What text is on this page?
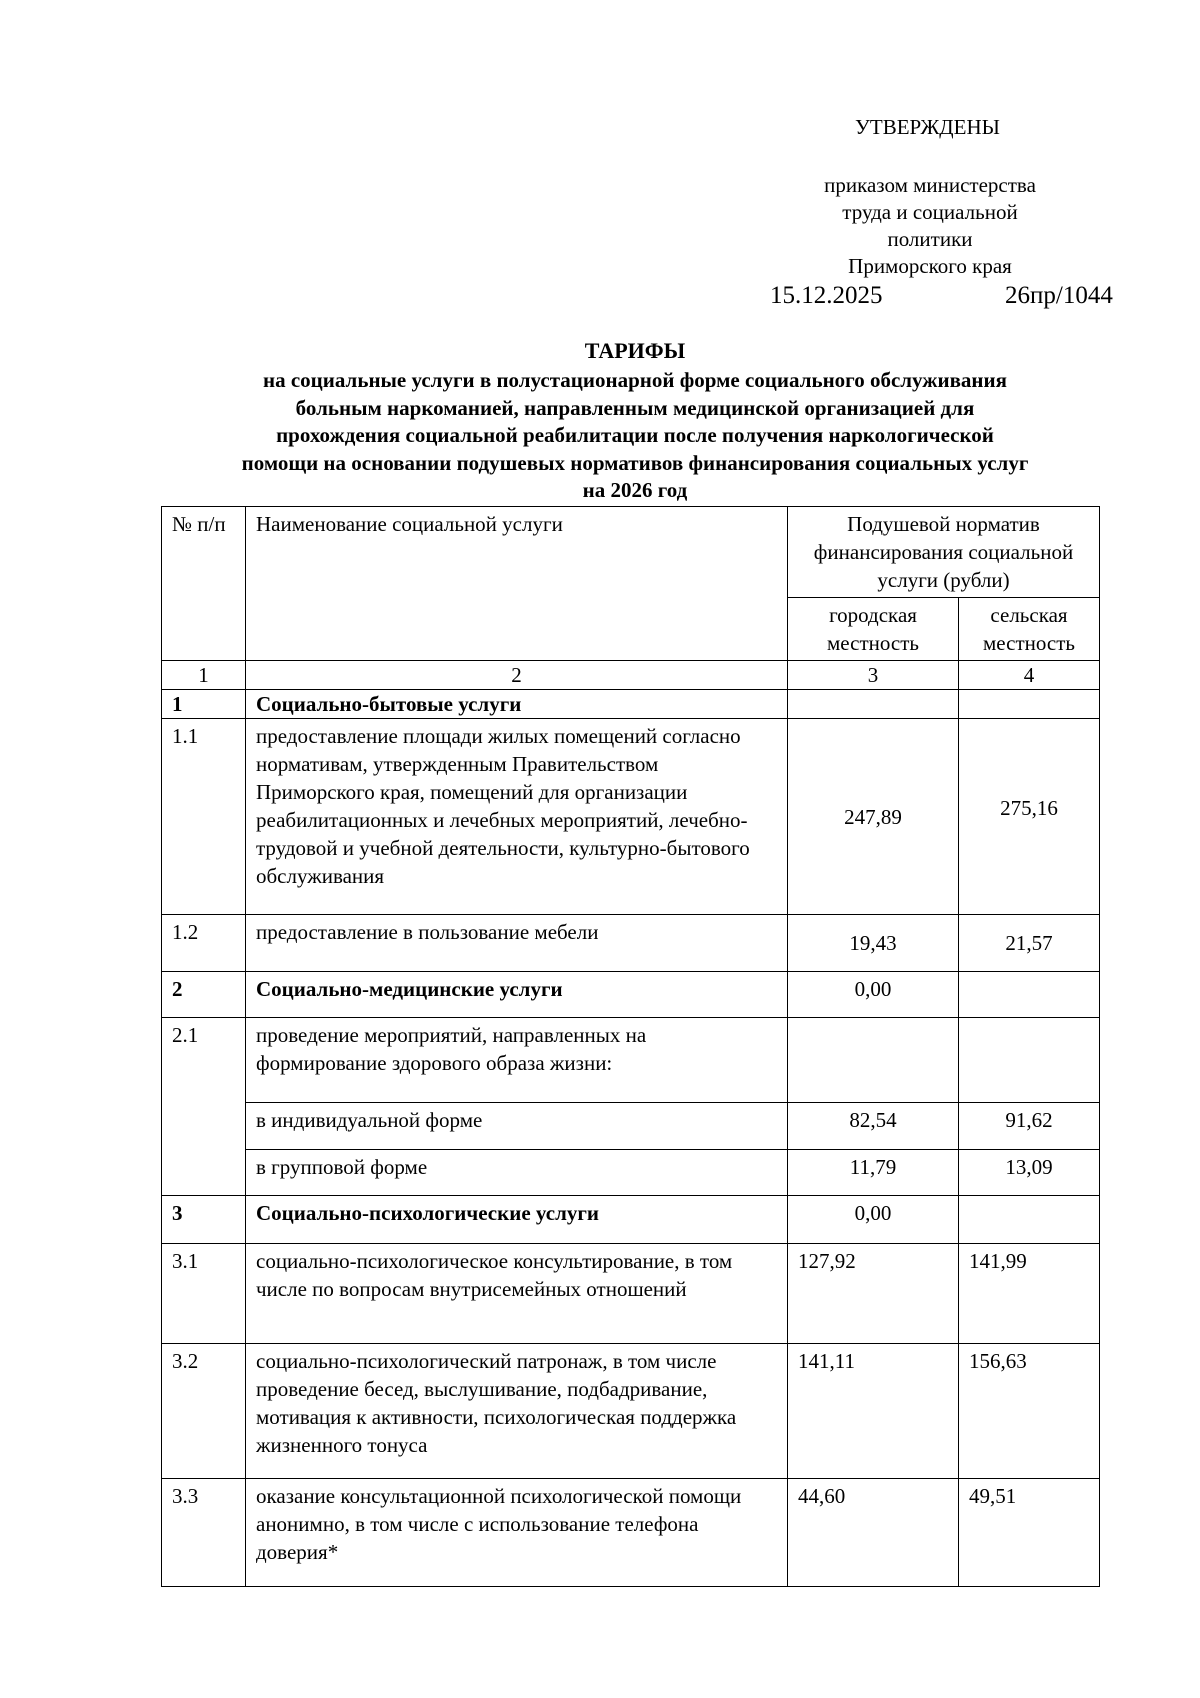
УТВЕРЖДЕНЫ
приказом министерства
труда и социальной
политики
Приморского края
15.12.2025	26пр/1044
ТАРИФЫ
на социальные услуги в полустационарной форме социального обслуживания
больным наркоманией, направленным медицинской организацией для
прохождения социальной реабилитации после получения наркологической
помощи на основании подушевых нормативов финансирования социальных услуг
на 2026 год
№ п/п	Наименование социальной услуги	Подушевой норматив финансирования социальной услуги (рубли)	
		городская местность	сельская местность
1	2	3	4
1	Социально-бытовые услуги		
1.1	предоставление площади жилых помещений согласно нормативам, утвержденным Правительством Приморского края, помещений для организации реабилитационных и лечебных мероприятий, лечебно-трудовой и учебной деятельности, культурно-бытового обслуживания	247,89	275,16
1.2	предоставление в пользование мебели	19,43	21,57
2	Социально-медицинские услуги	0,00	
2.1	проведение мероприятий, направленных на формирование здорового образа жизни:		
	в индивидуальной форме	82,54	91,62
	в групповой форме	11,79	13,09
3	Социально-психологические услуги	0,00	
3.1	социально-психологическое консультирование, в том числе по вопросам внутрисемейных отношений	127,92	141,99
3.2	социально-психологический патронаж, в том числе проведение бесед, выслушивание, подбадривание, мотивация к активности, психологическая поддержка жизненного тонуса	141,11	156,63
3.3	оказание консультационной психологической помощи анонимно, в том числе с использование телефона доверия*	44,60	49,51
